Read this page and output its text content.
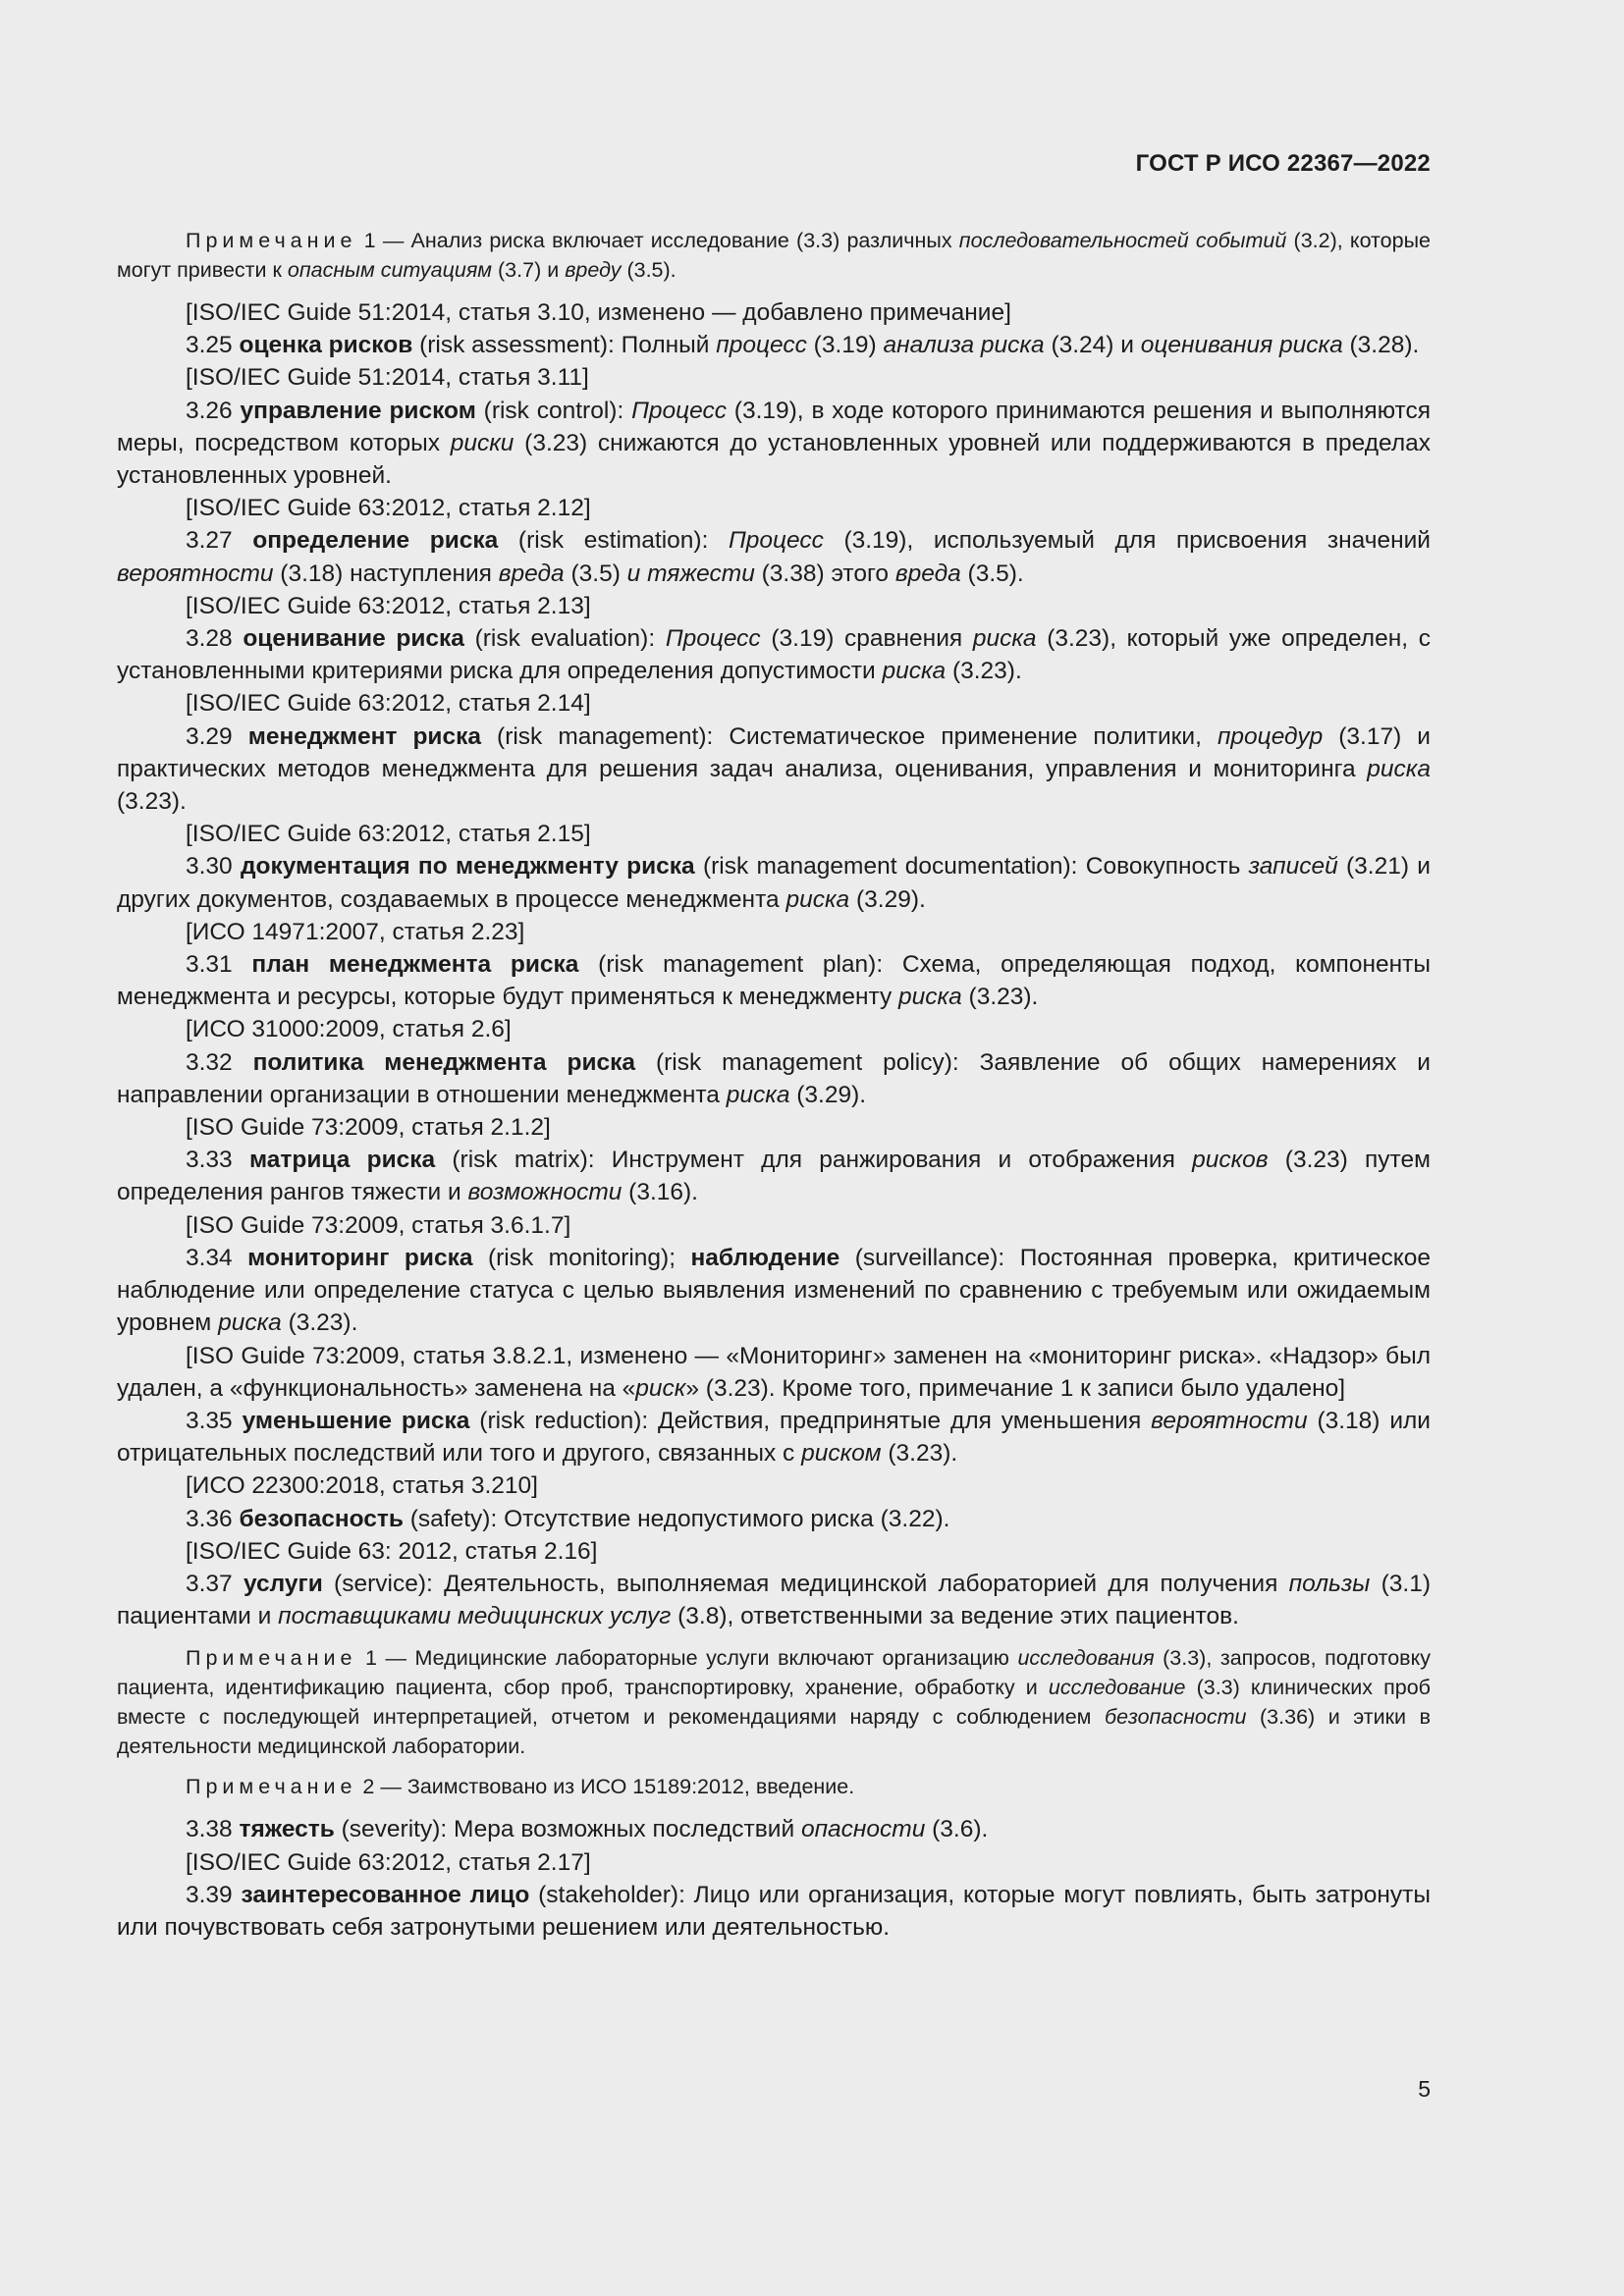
ГОСТ Р ИСО 22367—2022

Примечание 1 — Анализ риска включает исследование (3.3) различных последовательностей событий (3.2), которые могут привести к опасным ситуациям (3.7) и вреду (3.5).

[ISO/IEC Guide 51:2014, статья 3.10, изменено — добавлено примечание]

3.25 оценка рисков (risk assessment): Полный процесс (3.19) анализа риска (3.24) и оценивания риска (3.28).

[ISO/IEC Guide 51:2014, статья 3.11]

3.26 управление риском (risk control): Процесс (3.19), в ходе которого принимаются решения и выполняются меры, посредством которых риски (3.23) снижаются до установленных уровней или поддерживаются в пределах установленных уровней.

[ISO/IEC Guide 63:2012, статья 2.12]

3.27 определение риска (risk estimation): Процесс (3.19), используемый для присвоения значений вероятности (3.18) наступления вреда (3.5) и тяжести (3.38) этого вреда (3.5).

[ISO/IEC Guide 63:2012, статья 2.13]

3.28 оценивание риска (risk evaluation): Процесс (3.19) сравнения риска (3.23), который уже определен, с установленными критериями риска для определения допустимости риска (3.23).

[ISO/IEC Guide 63:2012, статья 2.14]

3.29 менеджмент риска (risk management): Систематическое применение политики, процедур (3.17) и практических методов менеджмента для решения задач анализа, оценивания, управления и мониторинга риска (3.23).

[ISO/IEC Guide 63:2012, статья 2.15]

3.30 документация по менеджменту риска (risk management documentation): Совокупность записей (3.21) и других документов, создаваемых в процессе менеджмента риска (3.29).

[ИСО 14971:2007, статья 2.23]

3.31 план менеджмента риска (risk management plan): Схема, определяющая подход, компоненты менеджмента и ресурсы, которые будут применяться к менеджменту риска (3.23).

[ИСО 31000:2009, статья 2.6]

3.32 политика менеджмента риска (risk management policy): Заявление об общих намерениях и направлении организации в отношении менеджмента риска (3.29).

[ISO Guide 73:2009, статья 2.1.2]

3.33 матрица риска (risk matrix): Инструмент для ранжирования и отображения рисков (3.23) путем определения рангов тяжести и возможности (3.16).

[ISO Guide 73:2009, статья 3.6.1.7]

3.34 мониторинг риска (risk monitoring); наблюдение (surveillance): Постоянная проверка, критическое наблюдение или определение статуса с целью выявления изменений по сравнению с требуемым или ожидаемым уровнем риска (3.23).

[ISO Guide 73:2009, статья 3.8.2.1, изменено — «Мониторинг» заменен на «мониторинг риска». «Надзор» был удален, а «функциональность» заменена на «риск» (3.23). Кроме того, примечание 1 к записи было удалено]

3.35 уменьшение риска (risk reduction): Действия, предпринятые для уменьшения вероятности (3.18) или отрицательных последствий или того и другого, связанных с риском (3.23).

[ИСО 22300:2018, статья 3.210]

3.36 безопасность (safety): Отсутствие недопустимого риска (3.22).

[ISO/IEC Guide 63: 2012, статья 2.16]

3.37 услуги (service): Деятельность, выполняемая медицинской лабораторией для получения пользы (3.1) пациентами и поставщиками медицинских услуг (3.8), ответственными за ведение этих пациентов.

Примечание 1 — Медицинские лабораторные услуги включают организацию исследования (3.3), запросов, подготовку пациента, идентификацию пациента, сбор проб, транспортировку, хранение, обработку и исследование (3.3) клинических проб вместе с последующей интерпретацией, отчетом и рекомендациями наряду с соблюдением безопасности (3.36) и этики в деятельности медицинской лаборатории.

Примечание 2 — Заимствовано из ИСО 15189:2012, введение.

3.38 тяжесть (severity): Мера возможных последствий опасности (3.6).

[ISO/IEC Guide 63:2012, статья 2.17]

3.39 заинтересованное лицо (stakeholder): Лицо или организация, которые могут повлиять, быть затронуты или почувствовать себя затронутыми решением или деятельностью.

5
